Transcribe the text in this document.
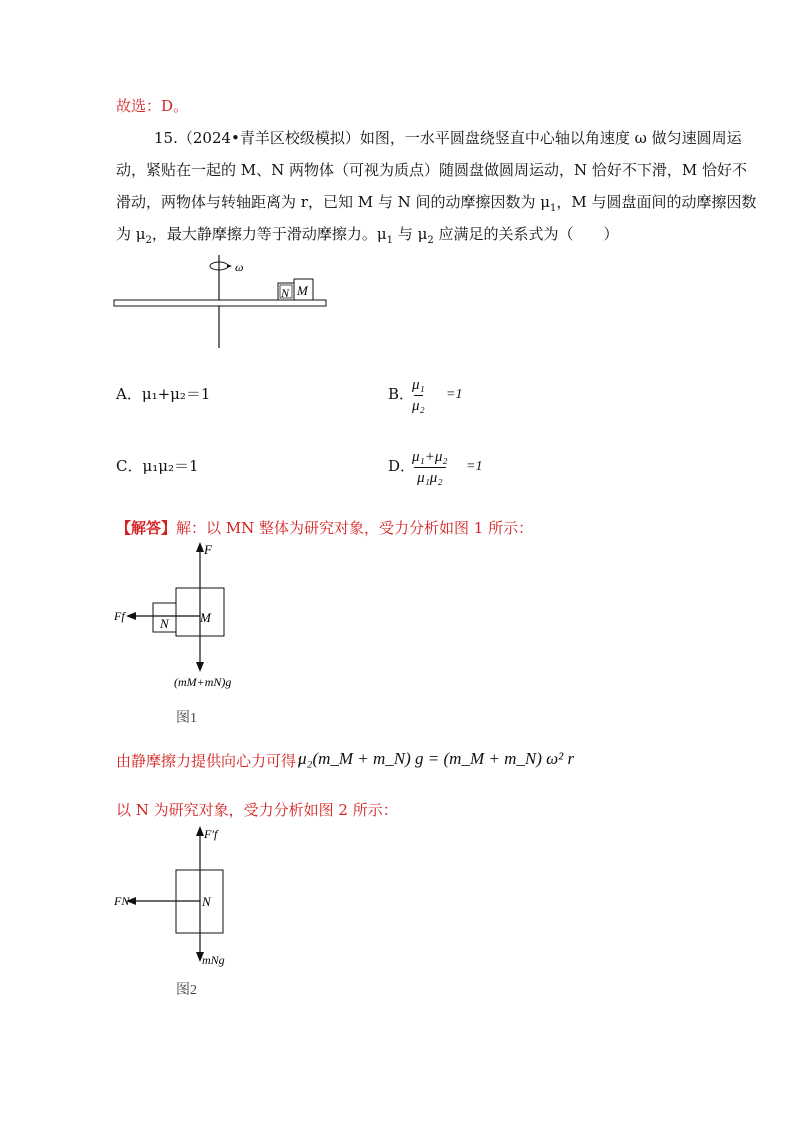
故选：D。
15.（2024•青羊区校级模拟）如图，一水平圆盘绕竖直中心轴以角速度 ω 做匀速圆周运
动，紧贴在一起的 M、N 两物体（可视为质点）随圆盘做圆周运动，N 恰好不下滑，M 恰好不
滑动，两物体与转轴距离为 r，已知 M 与 N 间的动摩擦因数为 $\mu_1$，M 与圆盘面间的动摩擦因数
为 $\mu_2$，最大静摩擦力等于滑动摩擦力。$\mu_1$ 与 $\mu_2$ 应满足的关系式为（　　）
ω
N M
A．μ₁+μ₂＝1	B．
μ₁
μ₂
=1
C．μ₁μ₂＝1	D．
μ₁+μ₂
μ₁μ₂
=1
【解答】解：以 MN 整体为研究对象，受力分析如图 1 所示：
F
M
N
Ff
(mM+mN)g
图1
由静摩擦力提供向心力可得：
μ₂(m_M + m_N) g = (m_M + m_N) ω² r
以 N 为研究对象，受力分析如图 2 所示：
F′f
N
FN
mNg
图2
